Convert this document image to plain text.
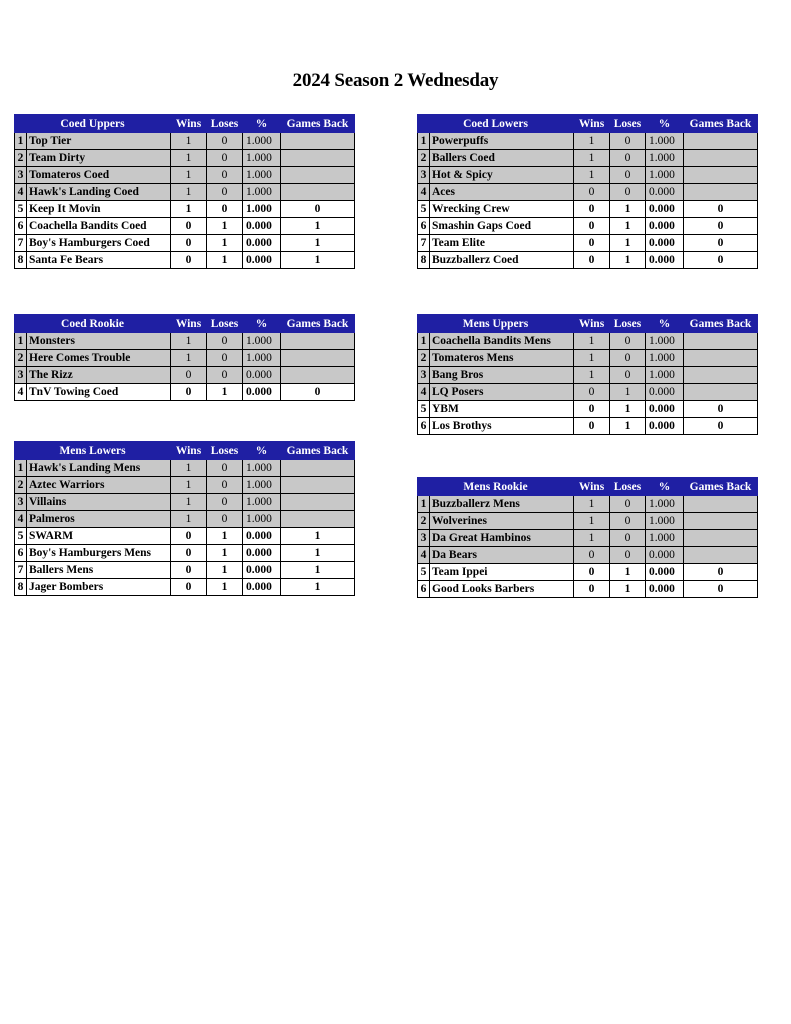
2024 Season 2 Wednesday
Coed Uppers		Wins	Loses	%	Games Back
1	Top Tier	1	0	1.000	
2	Team Dirty	1	0	1.000	
3	Tomateros Coed	1	0	1.000	
4	Hawk's Landing Coed	1	0	1.000	
5	Keep It Movin	1	0	1.000	0
6	Coachella Bandits Coed	0	1	0.000	1
7	Boy's Hamburgers Coed	0	1	0.000	1
8	Santa Fe Bears	0	1	0.000	1
Coed Lowers		Wins	Loses	%	Games Back
1	Powerpuffs	1	0	1.000	
2	Ballers Coed	1	0	1.000	
3	Hot & Spicy	1	0	1.000	
4	Aces	0	0	0.000	
5	Wrecking Crew	0	1	0.000	0
6	Smashin Gaps Coed	0	1	0.000	0
7	Team Elite	0	1	0.000	0
8	Buzzballerz Coed	0	1	0.000	0
Coed Rookie		Wins	Loses	%	Games Back
1	Monsters	1	0	1.000	
2	Here Comes Trouble	1	0	1.000	
3	The Rizz	0	0	0.000	
4	TnV Towing Coed	0	1	0.000	0
Mens Uppers		Wins	Loses	%	Games Back
1	Coachella Bandits Mens	1	0	1.000	
2	Tomateros Mens	1	0	1.000	
3	Bang Bros	1	0	1.000	
4	LQ Posers	0	1	0.000	
5	YBM	0	1	0.000	0
6	Los Brothys	0	1	0.000	0
Mens Lowers		Wins	Loses	%	Games Back
1	Hawk's Landing Mens	1	0	1.000	
2	Aztec Warriors	1	0	1.000	
3	Villains	1	0	1.000	
4	Palmeros	1	0	1.000	
5	SWARM	0	1	0.000	1
6	Boy's Hamburgers Mens	0	1	0.000	1
7	Ballers Mens	0	1	0.000	1
8	Jager Bombers	0	1	0.000	1
Mens Rookie		Wins	Loses	%	Games Back
1	Buzzballerz Mens	1	0	1.000	
2	Wolverines	1	0	1.000	
3	Da Great Hambinos	1	0	1.000	
4	Da Bears	0	0	0.000	
5	Team Ippei	0	1	0.000	0
6	Good Looks Barbers	0	1	0.000	0
